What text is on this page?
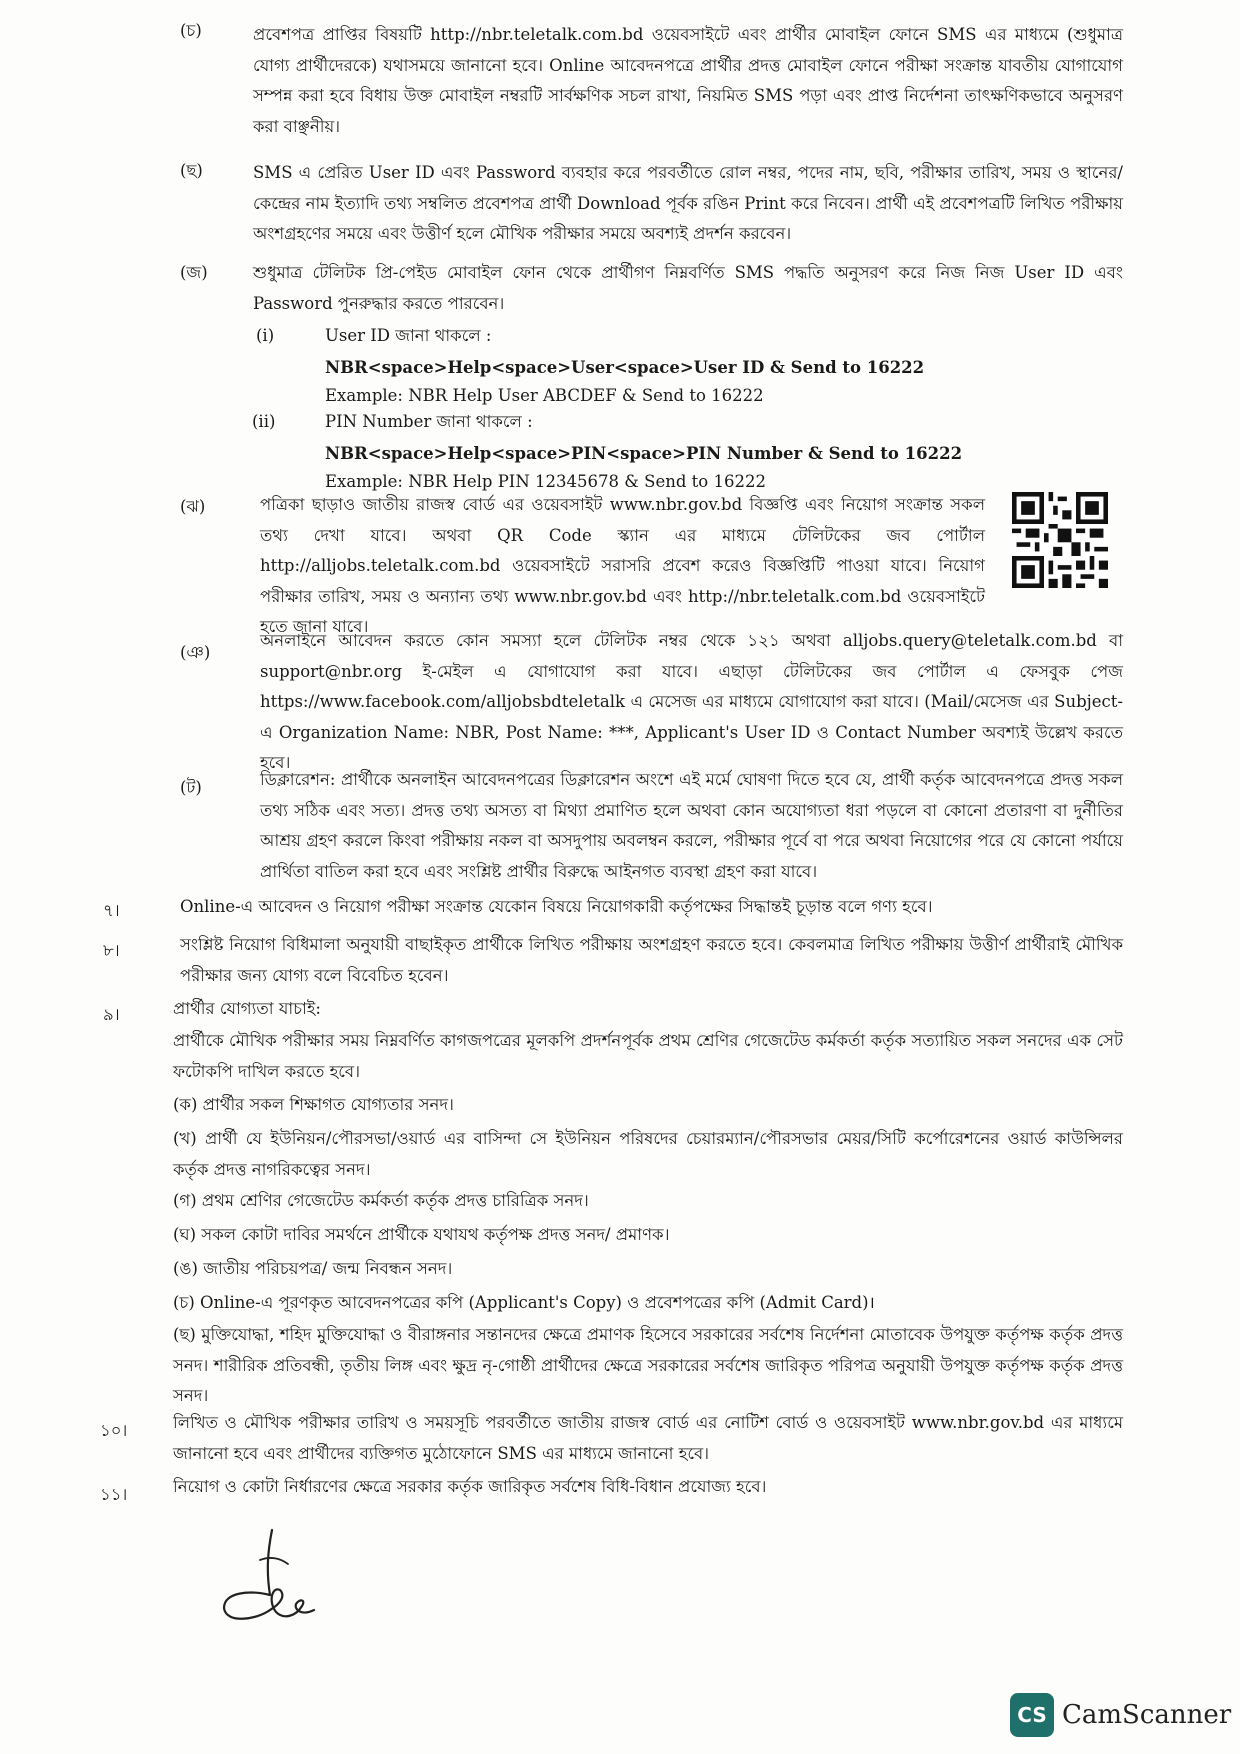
(চ)	প্রবেশপত্র প্রাপ্তির বিষয়টি http://nbr.teletalk.com.bd ওয়েবসাইটে এবং প্রার্থীর মোবাইল ফোনে SMS এর মাধ্যমে (শুধুমাত্র যোগ্য প্রার্থীদেরকে) যথাসময়ে জানানো হবে। Online আবেদনপত্রে প্রার্থীর প্রদত্ত মোবাইল ফোনে পরীক্ষা সংক্রান্ত যাবতীয় যোগাযোগ সম্পন্ন করা হবে বিধায় উক্ত মোবাইল নম্বরটি সার্বক্ষণিক সচল রাখা, নিয়মিত SMS পড়া এবং প্রাপ্ত নির্দেশনা তাৎক্ষণিকভাবে অনুসরণ করা বাঞ্ছনীয়।
(ছ)	SMS এ প্রেরিত User ID এবং Password ব্যবহার করে পরবর্তীতে রোল নম্বর, পদের নাম, ছবি, পরীক্ষার তারিখ, সময় ও স্থানের/কেন্দ্রের নাম ইত্যাদি তথ্য সম্বলিত প্রবেশপত্র প্রার্থী Download পূর্বক রঙিন Print করে নিবেন। প্রার্থী এই প্রবেশপত্রটি লিখিত পরীক্ষায় অংশগ্রহণের সময়ে এবং উত্তীর্ণ হলে মৌখিক পরীক্ষার সময়ে অবশ্যই প্রদর্শন করবেন।
(জ)	শুধুমাত্র টেলিটক প্রি-পেইড মোবাইল ফোন থেকে প্রার্থীগণ নিম্নবর্ণিত SMS পদ্ধতি অনুসরণ করে নিজ নিজ User ID এবং Password পুনরুদ্ধার করতে পারবেন।
(i)	User ID জানা থাকলে :
NBR<space>Help<space>User<space>User ID & Send to 16222
Example: NBR Help User ABCDEF & Send to 16222
(ii)	PIN Number জানা থাকলে :
NBR<space>Help<space>PIN<space>PIN Number & Send to 16222
Example: NBR Help PIN 12345678 & Send to 16222
(ঝ)	পত্রিকা ছাড়াও জাতীয় রাজস্ব বোর্ড এর ওয়েবসাইট www.nbr.gov.bd বিজ্ঞপ্তি এবং নিয়োগ সংক্রান্ত সকল তথ্য দেখা যাবে। অথবা QR Code স্ক্যান এর মাধ্যমে টেলিটকের জব পোর্টাল http://alljobs.teletalk.com.bd ওয়েবসাইটে সরাসরি প্রবেশ করেও বিজ্ঞপ্তিটি পাওয়া যাবে। নিয়োগ পরীক্ষার তারিখ, সময় ও অন্যান্য তথ্য www.nbr.gov.bd এবং http://nbr.teletalk.com.bd ওয়েবসাইটে হতে জানা যাবে।
(ঞ)
অনলাইনে আবেদন করতে কোন সমস্যা হলে টেলিটক নম্বর থেকে ১২১ অথবা alljobs.query@teletalk.com.bd বা support@nbr.org ই-মেইল এ যোগাযোগ করা যাবে। এছাড়া টেলিটকের জব পোর্টাল এ ফেসবুক পেজ https://www.facebook.com/alljobsbdteletalk এ মেসেজ এর মাধ্যমে যোগাযোগ করা যাবে। (Mail/মেসেজ এর Subject-এ Organization Name: NBR, Post Name: ***, Applicant's User ID ও Contact Number অবশ্যই উল্লেখ করতে হবে।
(ট)	ডিক্লারেশন: প্রার্থীকে অনলাইন আবেদনপত্রের ডিক্লারেশন অংশে এই মর্মে ঘোষণা দিতে হবে যে, প্রার্থী কর্তৃক আবেদনপত্রে প্রদত্ত সকল তথ্য সঠিক এবং সত্য। প্রদত্ত তথ্য অসত্য বা মিথ্যা প্রমাণিত হলে অথবা কোন অযোগ্যতা ধরা পড়লে বা কোনো প্রতারণা বা দুর্নীতির আশ্রয় গ্রহণ করলে কিংবা পরীক্ষায় নকল বা অসদুপায় অবলম্বন করলে, পরীক্ষার পূর্বে বা পরে অথবা নিয়োগের পরে যে কোনো পর্যায়ে প্রার্থিতা বাতিল করা হবে এবং সংশ্লিষ্ট প্রার্থীর বিরুদ্ধে আইনগত ব্যবস্থা গ্রহণ করা যাবে।
৭।	Online-এ আবেদন ও নিয়োগ পরীক্ষা সংক্রান্ত যেকোন বিষয়ে নিয়োগকারী কর্তৃপক্ষের সিদ্ধান্তই চূড়ান্ত বলে গণ্য হবে।
৮।	সংশ্লিষ্ট নিয়োগ বিধিমালা অনুযায়ী বাছাইকৃত প্রার্থীকে লিখিত পরীক্ষায় অংশগ্রহণ করতে হবে। কেবলমাত্র লিখিত পরীক্ষায় উত্তীর্ণ প্রার্থীরাই মৌখিক পরীক্ষার জন্য যোগ্য বলে বিবেচিত হবেন।
৯।	প্রার্থীর যোগ্যতা যাচাই:
প্রার্থীকে মৌখিক পরীক্ষার সময় নিম্নবর্ণিত কাগজপত্রের মূলকপি প্রদর্শনপূর্বক প্রথম শ্রেণির গেজেটেড কর্মকর্তা কর্তৃক সত্যায়িত সকল সনদের এক সেট ফটোকপি দাখিল করতে হবে।
(ক) প্রার্থীর সকল শিক্ষাগত যোগ্যতার সনদ।
(খ) প্রার্থী যে ইউনিয়ন/পৌরসভা/ওয়ার্ড এর বাসিন্দা সে ইউনিয়ন পরিষদের চেয়ারম্যান/পৌরসভার মেয়র/সিটি কর্পোরেশনের ওয়ার্ড কাউন্সিলর কর্তৃক প্রদত্ত নাগরিকত্বের সনদ।
(গ) প্রথম শ্রেণির গেজেটেড কর্মকর্তা কর্তৃক প্রদত্ত চারিত্রিক সনদ।
(ঘ) সকল কোটা দাবির সমর্থনে প্রার্থীকে যথাযথ কর্তৃপক্ষ প্রদত্ত সনদ/ প্রমাণক।
(ঙ) জাতীয় পরিচয়পত্র/ জন্ম নিবন্ধন সনদ।
(চ) Online-এ পূরণকৃত আবেদনপত্রের কপি (Applicant's Copy) ও প্রবেশপত্রের কপি (Admit Card)।
(ছ) মুক্তিযোদ্ধা, শহিদ মুক্তিযোদ্ধা ও বীরাঙ্গনার সন্তানদের ক্ষেত্রে প্রমাণক হিসেবে সরকারের সর্বশেষ নির্দেশনা মোতাবেক উপযুক্ত কর্তৃপক্ষ কর্তৃক প্রদত্ত সনদ। শারীরিক প্রতিবন্ধী, তৃতীয় লিঙ্গ এবং ক্ষুদ্র নৃ-গোষ্ঠী প্রার্থীদের ক্ষেত্রে সরকারের সর্বশেষ জারিকৃত পরিপত্র অনুযায়ী উপযুক্ত কর্তৃপক্ষ কর্তৃক প্রদত্ত সনদ।
১০।	লিখিত ও মৌখিক পরীক্ষার তারিখ ও সময়সূচি পরবর্তীতে জাতীয় রাজস্ব বোর্ড এর নোটিশ বোর্ড ও ওয়েবসাইট www.nbr.gov.bd এর মাধ্যমে জানানো হবে এবং প্রার্থীদের ব্যক্তিগত মুঠোফোনে SMS এর মাধ্যমে জানানো হবে।
১১।	নিয়োগ ও কোটা নির্ধারণের ক্ষেত্রে সরকার কর্তৃক জারিকৃত সর্বশেষ বিধি-বিধান প্রযোজ্য হবে।
CS CamScanner
